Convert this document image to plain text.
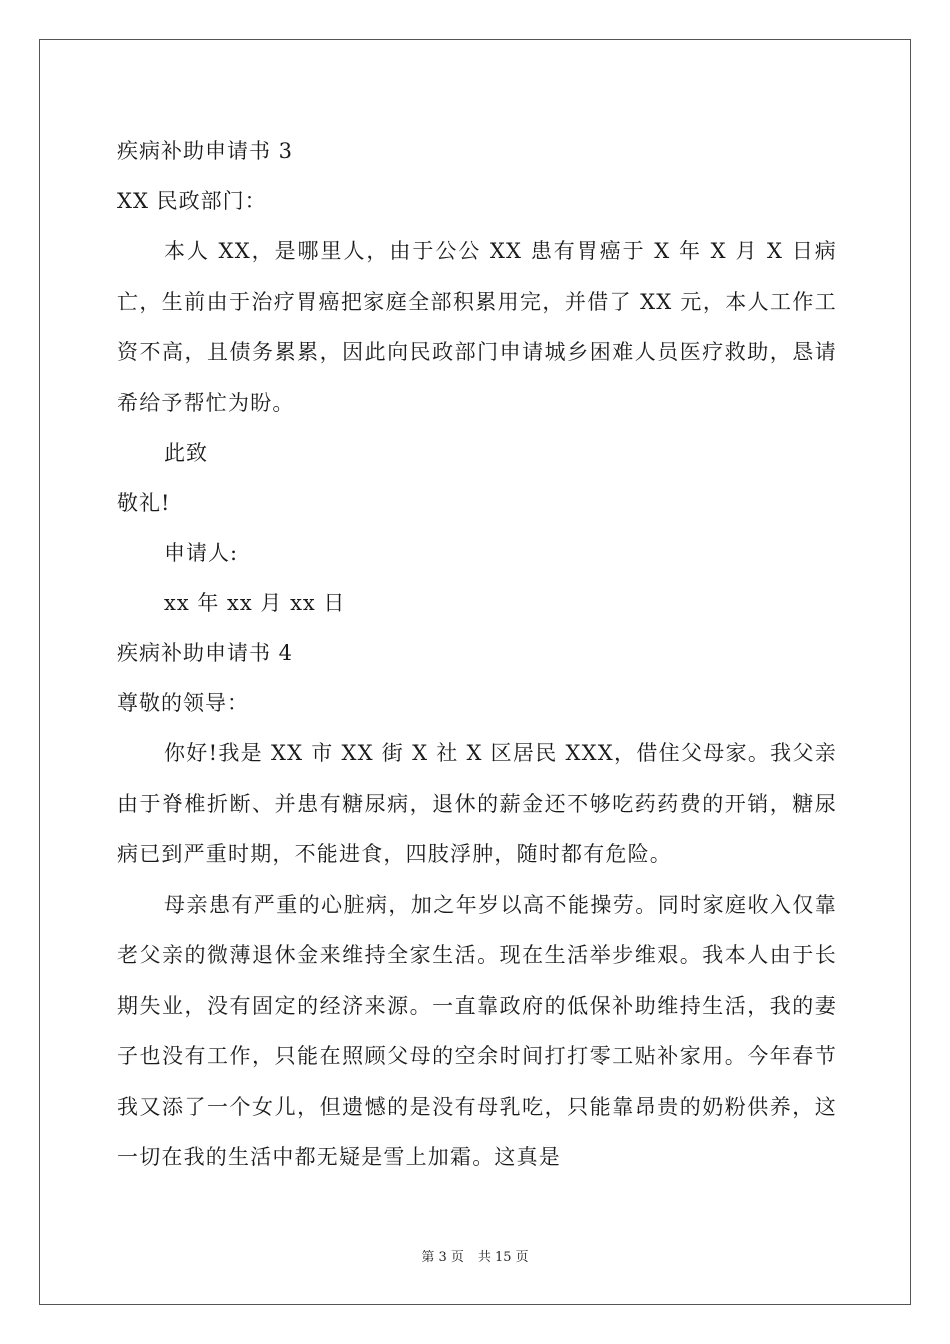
疾病补助申请书 3
XX 民政部门：

本人 XX，是哪里人，由于公公 XX 患有胃癌于 X 年 X 月 X 日病亡，生前由于治疗胃癌把家庭全部积累用完，并借了 XX 元，本人工作工资不高，且债务累累，因此向民政部门申请城乡困难人员医疗救助，恳请希给予帮忙为盼。

此致
敬礼!
申请人:
xx 年 xx 月 xx 日
疾病补助申请书 4
尊敬的领导：

你好!我是 XX 市 XX 街 X 社 X 区居民 XXX，借住父母家。我父亲由于脊椎折断、并患有糖尿病，退休的薪金还不够吃药药费的开销，糖尿病已到严重时期，不能进食，四肢浮肿，随时都有危险。

母亲患有严重的心脏病，加之年岁以高不能操劳。同时家庭收入仅靠老父亲的微薄退休金来维持全家生活。现在生活举步维艰。我本人由于长期失业，没有固定的经济来源。一直靠政府的低保补助维持生活，我的妻子也没有工作，只能在照顾父母的空余时间打打零工贴补家用。今年春节我又添了一个女儿，但遗憾的是没有母乳吃，只能靠昂贵的奶粉供养，这一切在我的生活中都无疑是雪上加霜。这真是

第 3 页 共 15 页
